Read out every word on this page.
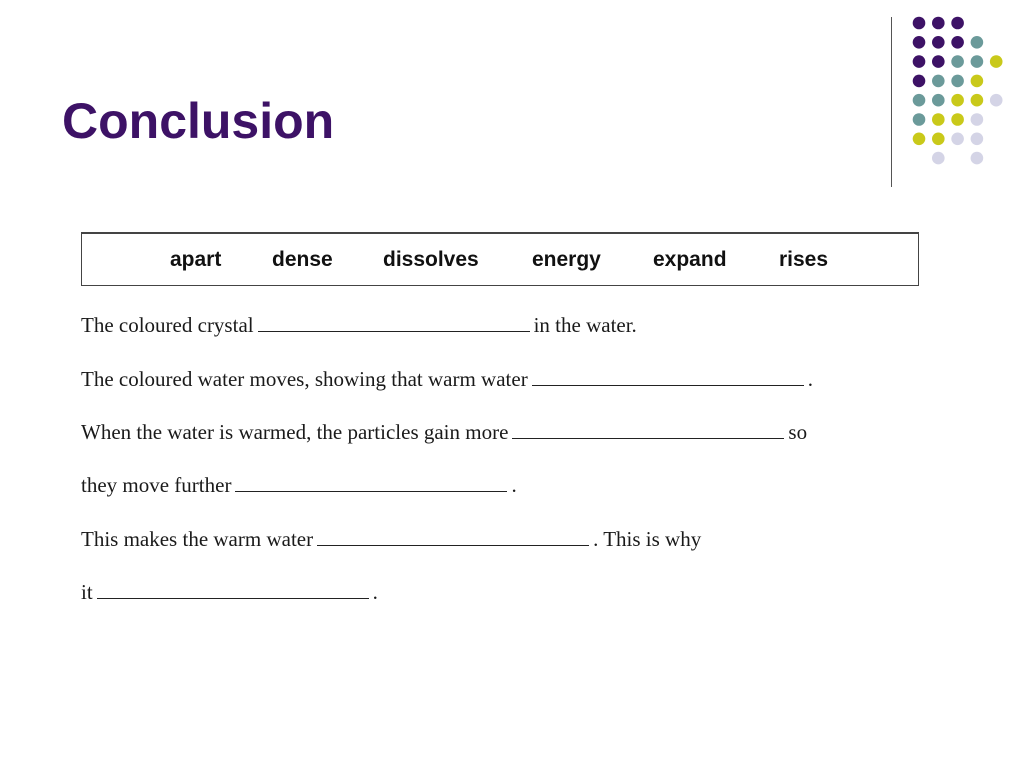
Conclusion
apart dense dissolves	energy expand rises
The coloured crystal	in the water.
The coloured water moves, showing that warm water	.
When the water is warmed, the particles gain more	so
they move further	.
This makes the warm water	. This is why
it	.
